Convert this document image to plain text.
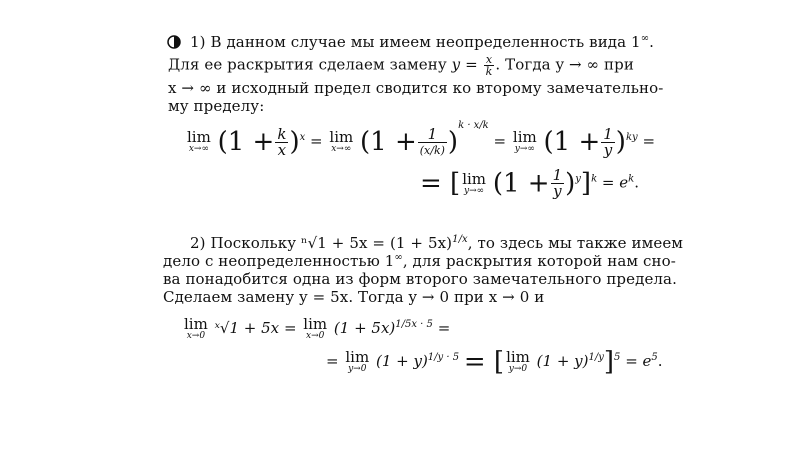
1) В данном случае мы имеем неопределенность вида 1∞.
Для ее раскрытия сделаем замену $y = \frac{x}{k}$ . Тогда y → ∞ при
x → ∞ и исходный предел сводится ко второму замечательно-
му пределу:
lim
x→∞ $(1 + \frac{k}{x} )^x = \lim$
x→∞ $(1 + \frac{1}{(x/k)} )^{k \cdot x/k} = \lim$
y→∞ $(1 + \frac{1}{y} )^{ky}$ =
= [ lim
y→∞ $(1 + \frac{1}{y} )^y]^k = e^k$.
2) Поскольку $^n√1 + 5x = (1 + 5x)^{1/x}$, то здесь мы также имеем
дело с неопределенностью 1∞, для раскрытия которой нам сно-
ва понадобится одна из форм второго замечательного предела.
Сделаем замену y = 5x. Тогда y → 0 при x → 0 и
lim
x→0 ˣ√1 + 5x = lim
x→0 $(1 + 5x)^{1/5x \cdot 5}$ =
= lim
y→0 $(1 + y)^{1/y \cdot 5}$ = [ lim
y→0 $(1 + y)^{1/y}]^5 = e^5$.
